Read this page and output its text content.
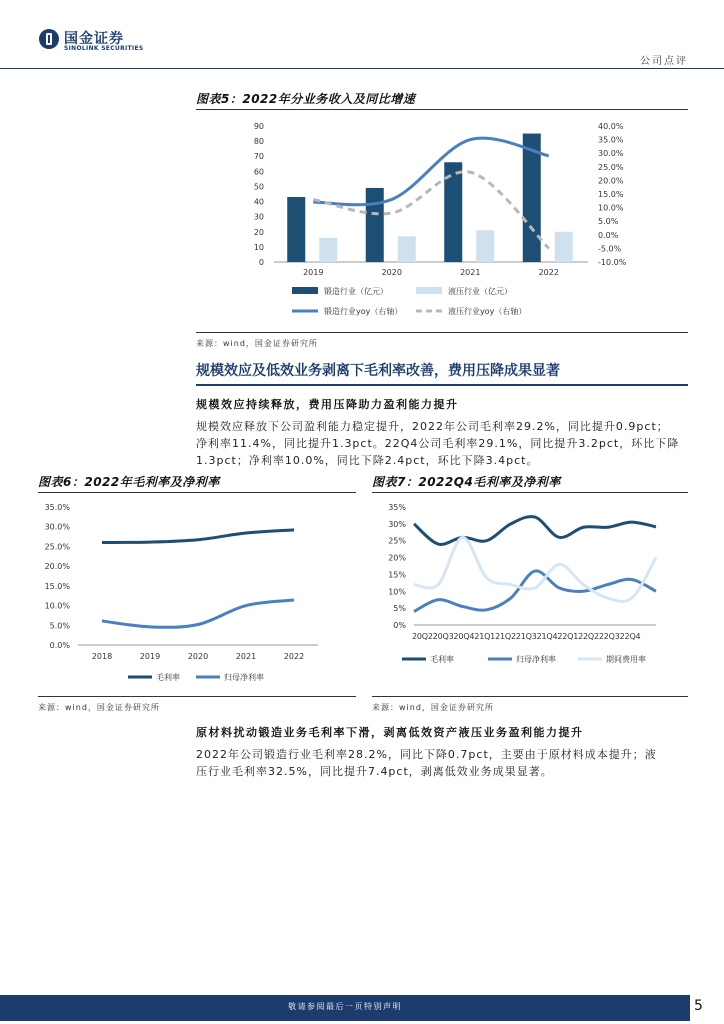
国金证券
SINOLINK SECURITIES
公司点评
图表5：2022年分业务收入及同比增速
0
10
20
30
40
50
60
70
80
90	40.0%
35.0%
30.0%
25.0%
20.0%
15.0%
10.0%
5.0%
0.0%
-5.0%
-10.0%
2019	2020	2021	2022
锻造行业（亿元）	液压行业（亿元）
锻造行业yoy（右轴）	液压行业yoy（右轴）
来源：wind，国金证券研究所
规模效应及低效业务剥离下毛利率改善，费用压降成果显著
规模效应持续释放，费用压降助力盈利能力提升
规模效应释放下公司盈利能力稳定提升，2022年公司毛利率29.2%，同比提升0.9pct；
净利率11.4%，同比提升1.3pct。22Q4公司毛利率29.1%，同比提升3.2pct，环比下降
1.3pct；净利率10.0%，同比下降2.4pct，环比下降3.4pct。
图表6：2022年毛利率及净利率
35.0%
30.0%
25.0%
20.0%
15.0%
10.0%
5.0%
0.0%
2018	2019	2020	2021	2022
毛利率	归母净利率
来源：wind，国金证券研究所
图表7：2022Q4毛利率及净利率
35%
30%
25%
20%
15%
10%
5%
0%
20Q220Q320Q421Q121Q221Q321Q422Q122Q222Q322Q4
毛利率	归母净利率	期间费用率
来源：wind，国金证券研究所
原材料扰动锻造业务毛利率下滑，剥离低效资产液压业务盈利能力提升
2022年公司锻造行业毛利率28.2%，同比下降0.7pct，主要由于原材料成本提升；液
压行业毛利率32.5%，同比提升7.4pct，剥离低效业务成果显著。
敬请参阅最后一页特别声明	5
